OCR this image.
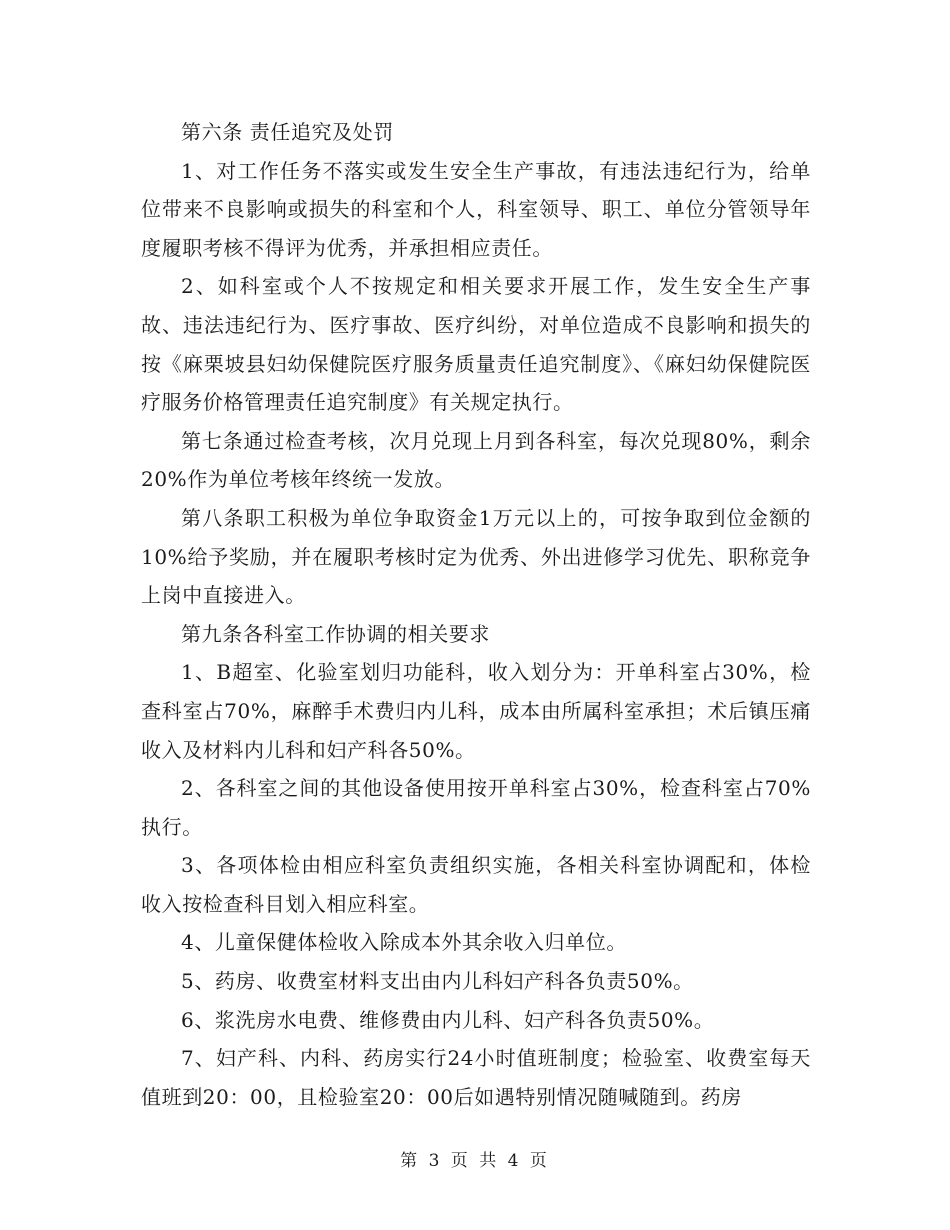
第六条 责任追究及处罚

1、对工作任务不落实或发生安全生产事故，有违法违纪行为，给单位带来不良影响或损失的科室和个人，科室领导、职工、单位分管领导年度履职考核不得评为优秀，并承担相应责任。

2、如科室或个人不按规定和相关要求开展工作，发生安全生产事故、违法违纪行为、医疗事故、医疗纠纷，对单位造成不良影响和损失的按《麻栗坡县妇幼保健院医疗服务质量责任追究制度》、《麻妇幼保健院医疗服务价格管理责任追究制度》有关规定执行。

第七条通过检查考核，次月兑现上月到各科室，每次兑现80%，剩余20%作为单位考核年终统一发放。

第八条职工积极为单位争取资金1万元以上的，可按争取到位金额的10%给予奖励，并在履职考核时定为优秀、外出进修学习优先、职称竞争上岗中直接进入。

第九条各科室工作协调的相关要求

1、B超室、化验室划归功能科，收入划分为：开单科室占30%，检查科室占70%，麻醉手术费归内儿科，成本由所属科室承担；术后镇压痛收入及材料内儿科和妇产科各50%。

2、各科室之间的其他设备使用按开单科室占30%，检查科室占70%执行。

3、各项体检由相应科室负责组织实施，各相关科室协调配和，体检收入按检查科目划入相应科室。

4、儿童保健体检收入除成本外其余收入归单位。

5、药房、收费室材料支出由内儿科妇产科各负责50%。

6、浆洗房水电费、维修费由内儿科、妇产科各负责50%。

7、妇产科、内科、药房实行24小时值班制度；检验室、收费室每天值班到20：00，且检验室20：00后如遇特别情况随喊随到。药房

第 3 页 共 4 页
